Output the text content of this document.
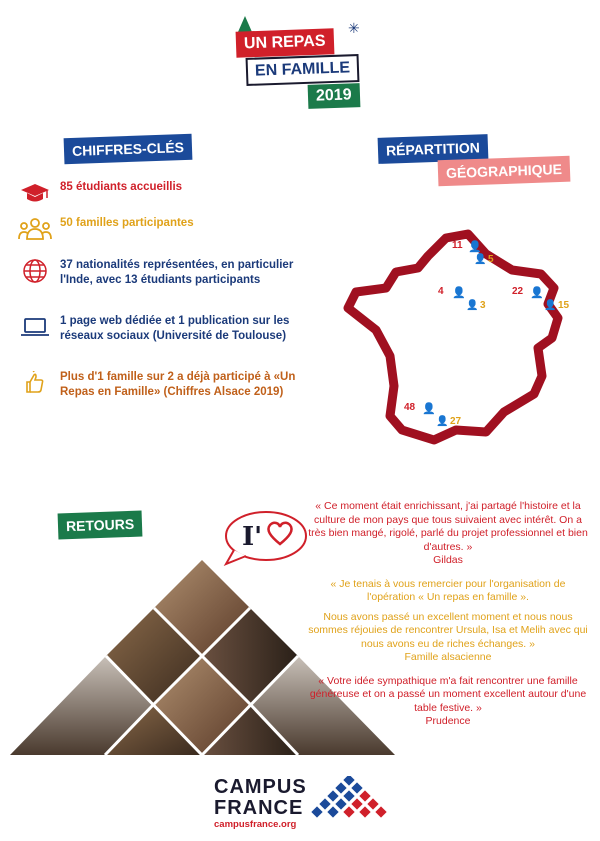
✳
UN REPAS
EN FAMILLE
2019
CHIFFRES-CLÉS
85 étudiants accueillis
50 familles participantes
37 nationalités représentées, en particulier l'Inde, avec 13 étudiants participants
1 page web dédiée et 1 publication sur les réseaux sociaux (Université de Toulouse)
Plus d'1 famille sur 2 a déjà participé à «Un Repas en Famille» (Chiffres Alsace 2019)
RÉPARTITION
GÉOGRAPHIQUE
11 👤
👤 5
4 👤
👤 3
22 👤
👤 15
48 👤
👤 27
RETOURS	I'
« Ce moment était enrichissant, j'ai partagé l'histoire et la culture de mon pays que tous suivaient avec intérêt. On a très bien mangé, rigolé, parlé du projet professionnel et bien d'autres. »
Gildas
« Je tenais à vous remercier pour l'organisation de l'opération « Un repas en famille ».
Nous avons passé un excellent moment et nous nous sommes réjouies de rencontrer Ursula, Isa et Melih avec qui nous avons eu de riches échanges. »
Famille alsacienne
« Votre idée sympathique m'a fait rencontrer une famille généreuse et on a passé un moment excellent autour d'une table festive. »
Prudence
CAMPUS
FRANCE
campusfrance.org
